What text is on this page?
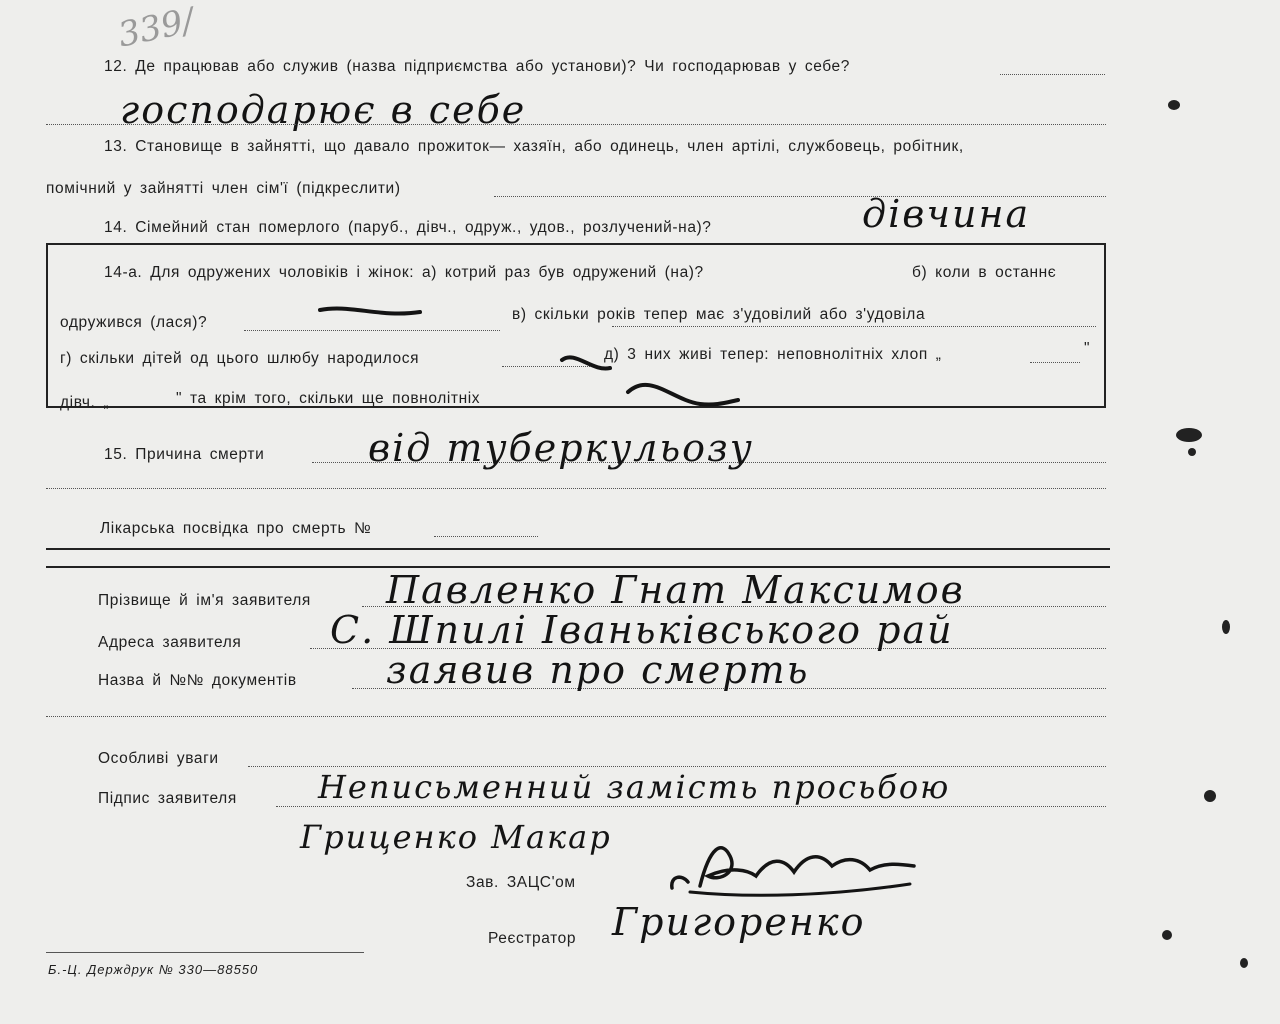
339/
12. Де працював або служив (назва підприємства або установи)? Чи господарював у себе?
господарює в себе
13. Становище в зайнятті, що давало прожиток— хазяїн, або одинець, член артілі, службовець, робітник,
помічний у зайнятті член сім'ї (підкреслити)
14. Сімейний стан померлого (паруб., дівч., одруж., удов., розлучений-на)?	дівчина
14-а. Для одружених чоловіків і жінок: а) котрий раз був одружений (на)?	б) коли в останнє
одружився (лася)?	в) скільки років тепер має з'удовілий або з'удовіла
г) скільки дітей од цього шлюбу народилося	д) 3 них живі тепер: неповнолітніх хлоп „	"
дівч. „	" та крім того, скільки ще повнолітніх
15. Причина смерти	від туберкульозу
Лікарська посвідка про смерть №
Прізвище й ім'я заявителя Павленко Гнат Максимов
Адреса заявителя С. Шпилі Іваньківського рай
Назва й №№ документів заявив про смерть
Особливі уваги
Підпис заявителя	Неписьменний замість просьбою
Гриценко Макар
Зав. ЗАЦС'ом
Реєстратор Григоренко
Б.-Ц. Держдрук № 330—88550
